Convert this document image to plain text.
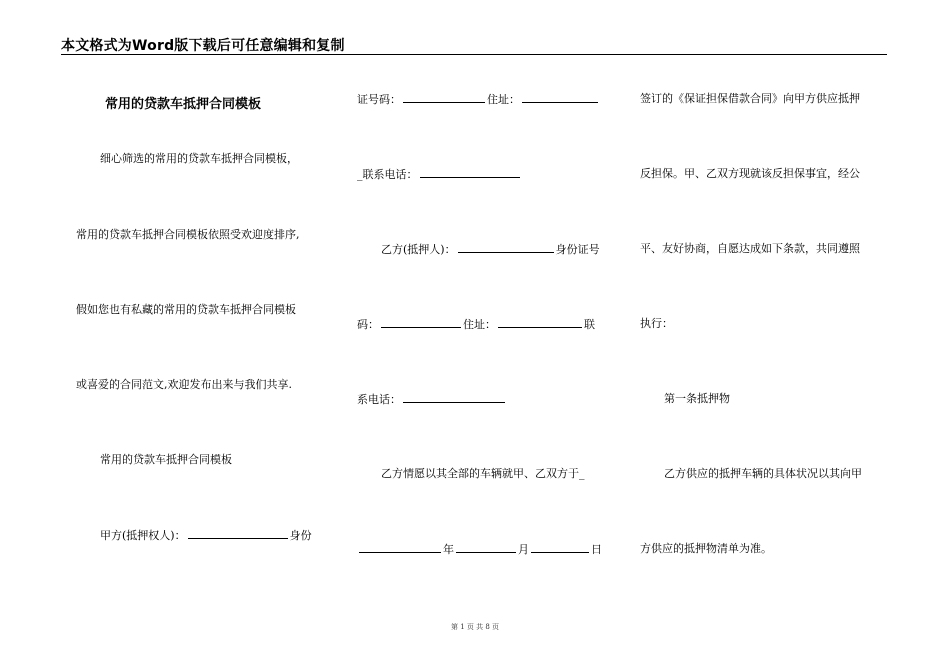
本文格式为Word版下载后可任意编辑和复制
常用的贷款车抵押合同模板
细心筛选的常用的贷款车抵押合同模板，
常用的贷款车抵押合同模板依照受欢迎度排序,
假如您也有私藏的常用的贷款车抵押合同模板
或喜爱的合同范文,欢迎发布出来与我们共享.
常用的贷款车抵押合同模板
甲方(抵押权人)：	身份
证号码：	住址：
_联系电话：
乙方(抵押人)：	身份证号
码：	住址：	联
系电话：
乙方情愿以其全部的车辆就甲、乙双方于_
年	月	日
签订的《保证担保借款合同》向甲方供应抵押
反担保。甲、乙双方现就该反担保事宜，经公
平、友好协商，自愿达成如下条款，共同遵照
执行：
第一条抵押物
乙方供应的抵押车辆的具体状况以其向甲
方供应的抵押物清单为准。
第 1 页 共 8 页
